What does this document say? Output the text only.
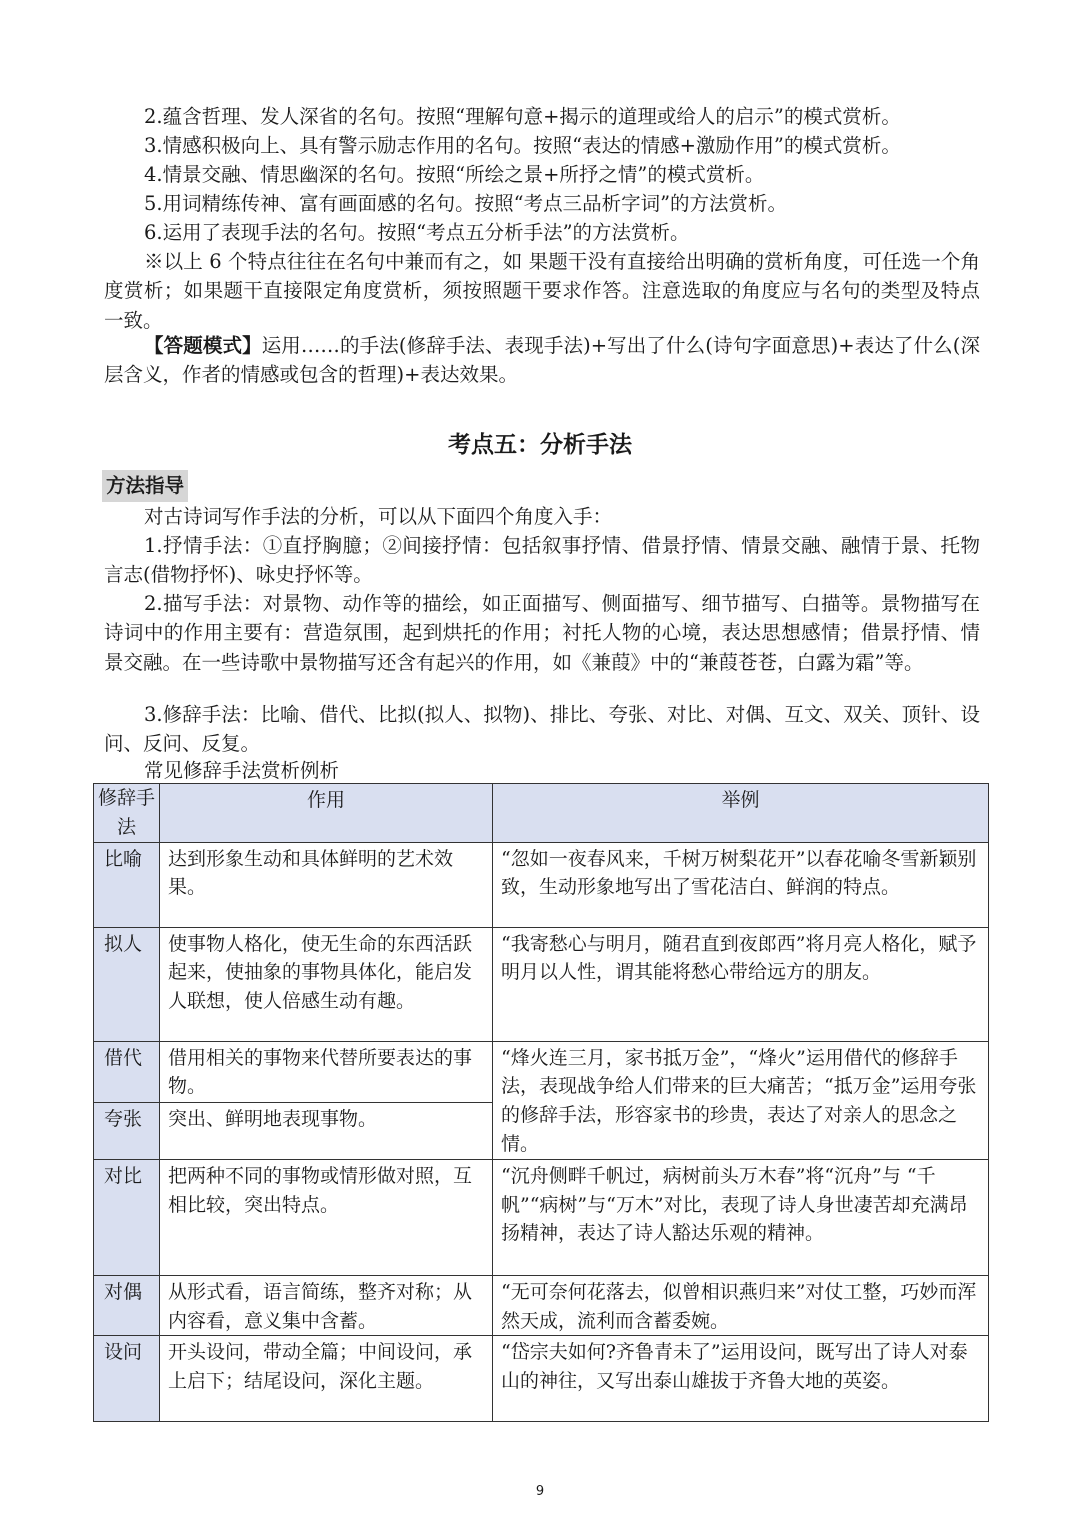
2.蕴含哲理、发人深省的名句。按照“理解句意+揭示的道理或给人的启示”的模式赏析。

3.情感积极向上、具有警示励志作用的名句。按照“表达的情感+激励作用”的模式赏析。

4.情景交融、情思幽深的名句。按照“所绘之景+所抒之情”的模式赏析。

5.用词精练传神、富有画面感的名句。按照“考点三品析字词”的方法赏析。

6.运用了表现手法的名句。按照“考点五分析手法”的方法赏析。

※以上 6 个特点往往在名句中兼而有之，如 果题干没有直接给出明确的赏析角度，可任选一个角度赏析；如果题干直接限定角度赏析，须按照题干要求作答。注意选取的角度应与名句的类型及特点一致。

【答题模式】运用……的手法(修辞手法、表现手法)+写出了什么(诗句字面意思)+表达了什么(深层含义，作者的情感或包含的哲理)+表达效果。

考点五：分析手法
方法指导

对古诗词写作手法的分析，可以从下面四个角度入手：

1.抒情手法：①直抒胸臆；②间接抒情：包括叙事抒情、借景抒情、情景交融、融情于景、托物言志(借物抒怀)、咏史抒怀等。

2.描写手法：对景物、动作等的描绘，如正面描写、侧面描写、细节描写、白描等。景物描写在诗词中的作用主要有：营造氛围，起到烘托的作用；衬托人物的心境，表达思想感情；借景抒情、情景交融。在一些诗歌中景物描写还含有起兴的作用，如《兼葭》中的“兼葭苍苍，白露为霜”等。

3.修辞手法：比喻、借代、比拟(拟人、拟物)、排比、夸张、对比、对偶、互文、双关、顶针、设问、反问、反复。

常见修辞手法赏析例析

修辞手法	作用	举例
比喻	达到形象生动和具体鲜明的艺术效果。	“忽如一夜春风来，千树万树梨花开”以春花喻冬雪新颖别致，生动形象地写出了雪花洁白、鲜润的特点。
拟人	使事物人格化，使无生命的东西活跃起来，使抽象的事物具体化，能启发人联想，使人倍感生动有趣。	“我寄愁心与明月，随君直到夜郎西”将月亮人格化，赋予明月以人性，谓其能将愁心带给远方的朋友。
借代	借用相关的事物来代替所要表达的事物。	“烽火连三月，家书抵万金”，“烽火”运用借代的修辞手法，表现战争给人们带来的巨大痛苦；“抵万金”运用夸张的修辞手法，形容家书的珍贵，表达了对亲人的思念之情。
夸张	突出、鲜明地表现事物。	
对比	把两种不同的事物或情形做对照，互相比较，突出特点。	“沉舟侧畔千帆过，病树前头万木春”将“沉舟”与 “千帆”“病树”与“万木”对比，表现了诗人身世凄苦却充满昂扬精神，表达了诗人豁达乐观的精神。
对偶	从形式看，语言简练，整齐对称；从内容看，意义集中含蓄。	“无可奈何花落去，似曾相识燕归来”对仗工整，巧妙而浑然天成，流利而含蓄委婉。
设问	开头设问，带动全篇；中间设问，承上启下；结尾设问，深化主题。	“岱宗夫如何?齐鲁青未了”运用设问，既写出了诗人对泰山的神往，又写出泰山雄拔于齐鲁大地的英姿。
9
